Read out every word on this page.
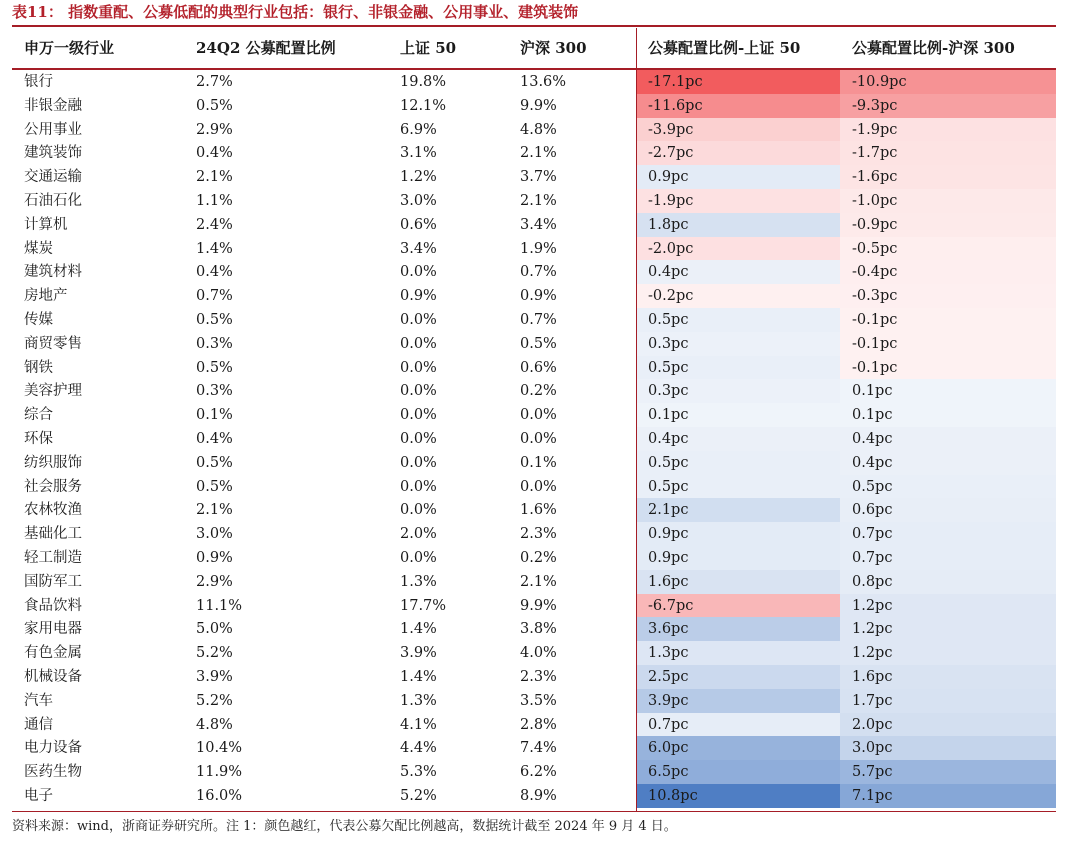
表11： 指数重配、公募低配的典型行业包括：银行、非银金融、公用事业、建筑装饰
申万一级行业	24Q2 公募配置比例	上证 50	沪深 300	公募配置比例-上证 50	公募配置比例-沪深 300
银行	2.7%	19.8%	13.6%	-17.1pc	-10.9pc
非银金融	0.5%	12.1%	9.9%	-11.6pc	-9.3pc
公用事业	2.9%	6.9%	4.8%	-3.9pc	-1.9pc
建筑装饰	0.4%	3.1%	2.1%	-2.7pc	-1.7pc
交通运输	2.1%	1.2%	3.7%	0.9pc	-1.6pc
石油石化	1.1%	3.0%	2.1%	-1.9pc	-1.0pc
计算机	2.4%	0.6%	3.4%	1.8pc	-0.9pc
煤炭	1.4%	3.4%	1.9%	-2.0pc	-0.5pc
建筑材料	0.4%	0.0%	0.7%	0.4pc	-0.4pc
房地产	0.7%	0.9%	0.9%	-0.2pc	-0.3pc
传媒	0.5%	0.0%	0.7%	0.5pc	-0.1pc
商贸零售	0.3%	0.0%	0.5%	0.3pc	-0.1pc
钢铁	0.5%	0.0%	0.6%	0.5pc	-0.1pc
美容护理	0.3%	0.0%	0.2%	0.3pc	0.1pc
综合	0.1%	0.0%	0.0%	0.1pc	0.1pc
环保	0.4%	0.0%	0.0%	0.4pc	0.4pc
纺织服饰	0.5%	0.0%	0.1%	0.5pc	0.4pc
社会服务	0.5%	0.0%	0.0%	0.5pc	0.5pc
农林牧渔	2.1%	0.0%	1.6%	2.1pc	0.6pc
基础化工	3.0%	2.0%	2.3%	0.9pc	0.7pc
轻工制造	0.9%	0.0%	0.2%	0.9pc	0.7pc
国防军工	2.9%	1.3%	2.1%	1.6pc	0.8pc
食品饮料	11.1%	17.7%	9.9%	-6.7pc	1.2pc
家用电器	5.0%	1.4%	3.8%	3.6pc	1.2pc
有色金属	5.2%	3.9%	4.0%	1.3pc	1.2pc
机械设备	3.9%	1.4%	2.3%	2.5pc	1.6pc
汽车	5.2%	1.3%	3.5%	3.9pc	1.7pc
通信	4.8%	4.1%	2.8%	0.7pc	2.0pc
电力设备	10.4%	4.4%	7.4%	6.0pc	3.0pc
医药生物	11.9%	5.3%	6.2%	6.5pc	5.7pc
电子	16.0%	5.2%	8.9%	10.8pc	7.1pc
资料来源：wind，浙商证券研究所。注 1：颜色越红，代表公募欠配比例越高，数据统计截至 2024 年 9 月 4 日。
